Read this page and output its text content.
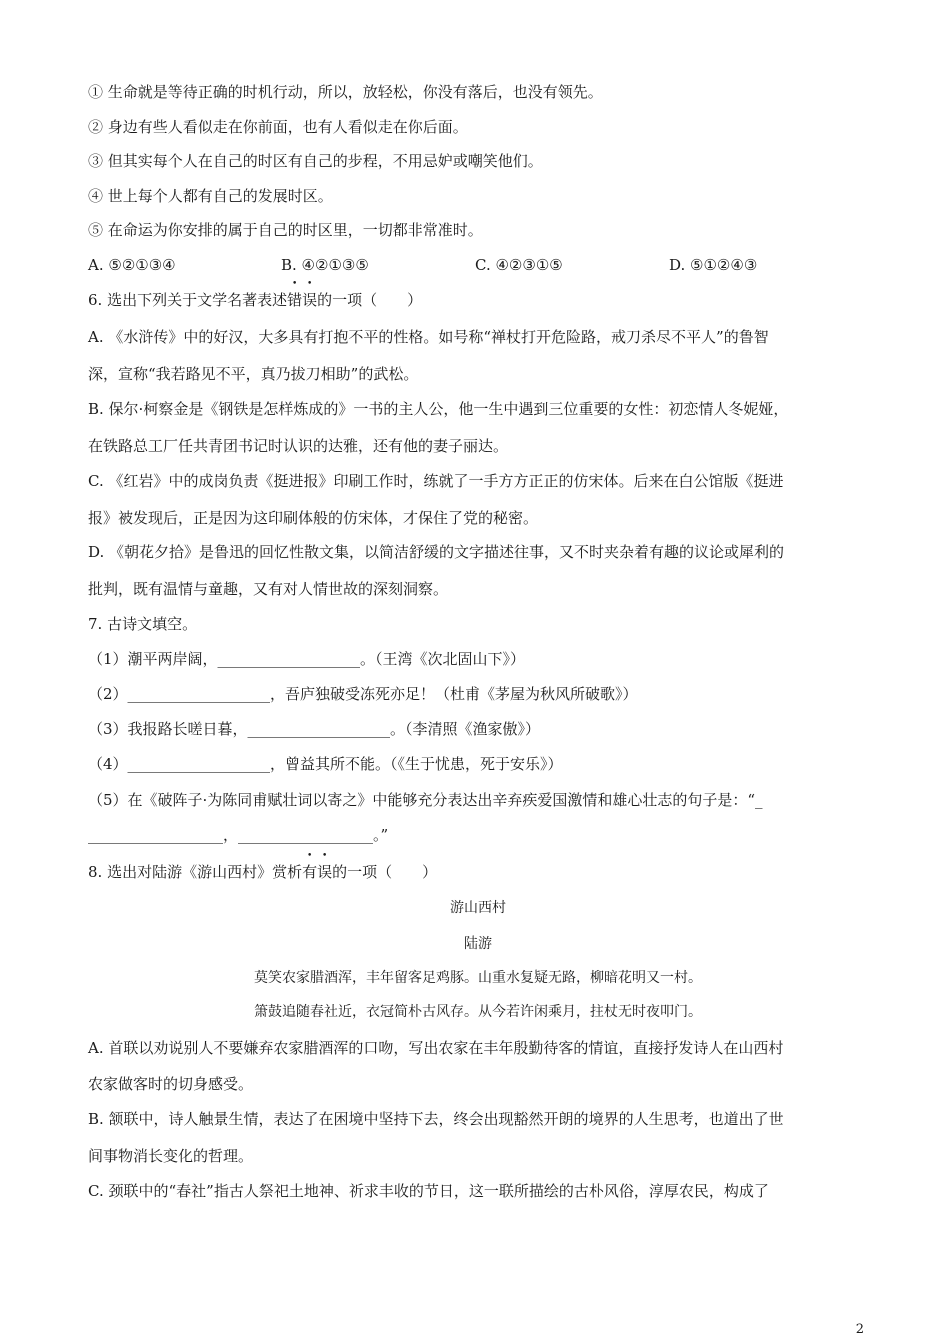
① 生命就是等待正确的时机行动，所以，放轻松，你没有落后，也没有领先。
② 身边有些人看似走在你前面，也有人看似走在你后面。
③ 但其实每个人在自己的时区有自己的步程，不用忌妒或嘲笑他们。
④ 世上每个人都有自己的发展时区。
⑤ 在命运为你安排的属于自己的时区里，一切都非常准时。
A. ⑤②①③④	B. ④②①③⑤	C. ④②③①⑤	D. ⑤①②④③
6. 选出下列关于文学名著表述错误的一项（　　）
A. 《水浒传》中的好汉，大多具有打抱不平的性格。如号称“禅杖打开危险路，戒刀杀尽不平人”的鲁智
深，宣称“我若路见不平，真乃拔刀相助”的武松。
B. 保尔·柯察金是《钢铁是怎样炼成的》一书的主人公，他一生中遇到三位重要的女性：初恋情人冬妮娅，
在铁路总工厂任共青团书记时认识的达雅，还有他的妻子丽达。
C. 《红岩》中的成岗负责《挺进报》印刷工作时，练就了一手方方正正的仿宋体。后来在白公馆版《挺进
报》被发现后，正是因为这印刷体般的仿宋体，才保住了党的秘密。
D. 《朝花夕拾》是鲁迅的回忆性散文集，以简洁舒缓的文字描述往事，又不时夹杂着有趣的议论或犀利的
批判，既有温情与童趣，又有对人情世故的深刻洞察。
7. 古诗文填空。
（1）潮平两岸阔，___________________。（王湾《次北固山下》）
（2）___________________，吾庐独破受冻死亦足！（杜甫《茅屋为秋风所破歌》）
（3）我报路长嗟日暮，___________________。（李清照《渔家傲》）
（4）___________________，曾益其所不能。（《生于忧患，死于安乐》）
（5）在《破阵子·为陈同甫赋壮词以寄之》中能够充分表达出辛弃疾爱国激情和雄心壮志的句子是：“_
__________________，__________________。”
8. 选出对陆游《游山西村》赏析有误的一项（　　）
游山西村
陆游
莫笑农家腊酒浑，丰年留客足鸡豚。山重水复疑无路，柳暗花明又一村。
箫鼓追随春社近，衣冠简朴古风存。从今若许闲乘月，拄杖无时夜叩门。
A. 首联以劝说别人不要嫌弃农家腊酒浑的口吻，写出农家在丰年殷勤待客的情谊，直接抒发诗人在山西村
农家做客时的切身感受。
B. 颔联中，诗人触景生情，表达了在困境中坚持下去，终会出现豁然开朗的境界的人生思考，也道出了世
间事物消长变化的哲理。
C. 颈联中的“春社”指古人祭祀土地神、祈求丰收的节日，这一联所描绘的古朴风俗，淳厚农民，构成了
2
